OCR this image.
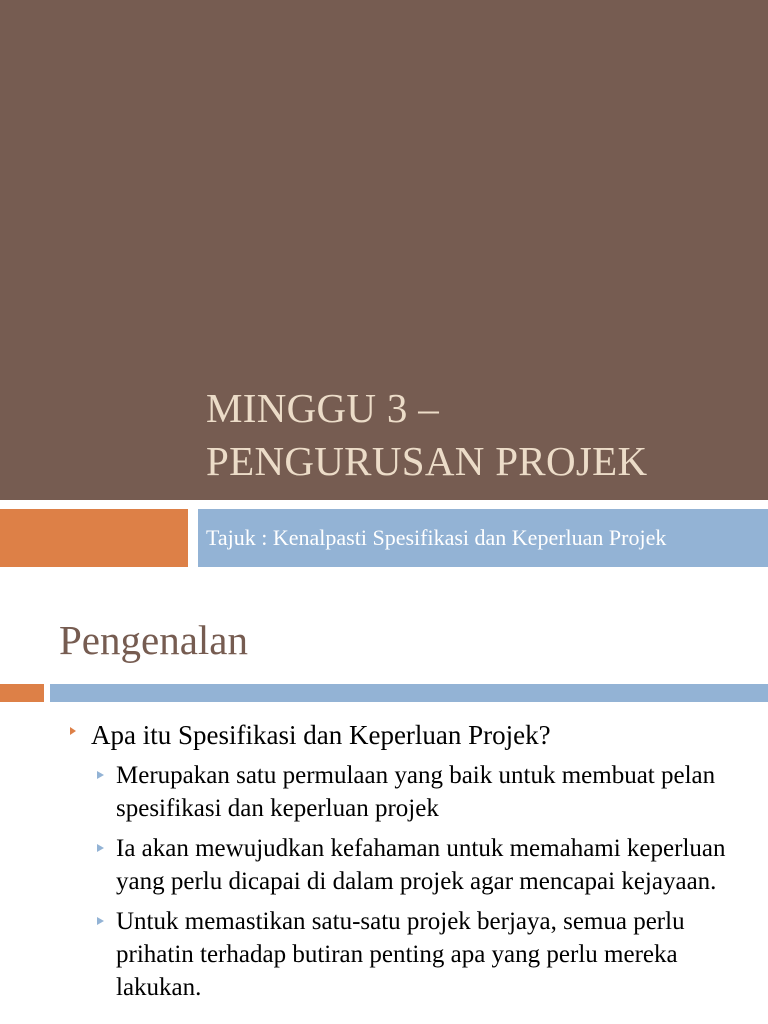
MINGGU 3 –
PENGURUSAN PROJEK

Tajuk : Kenalpasti Spesifikasi dan Keperluan Projek

Pengenalan
Apa itu Spesifikasi dan Keperluan Projek?
Merupakan satu permulaan yang baik untuk membuat pelan spesifikasi dan keperluan projek
Ia akan mewujudkan kefahaman untuk memahami keperluan yang perlu dicapai di dalam projek agar mencapai kejayaan.
Untuk memastikan satu-satu projek berjaya, semua perlu prihatin terhadap butiran penting apa yang perlu mereka lakukan.
